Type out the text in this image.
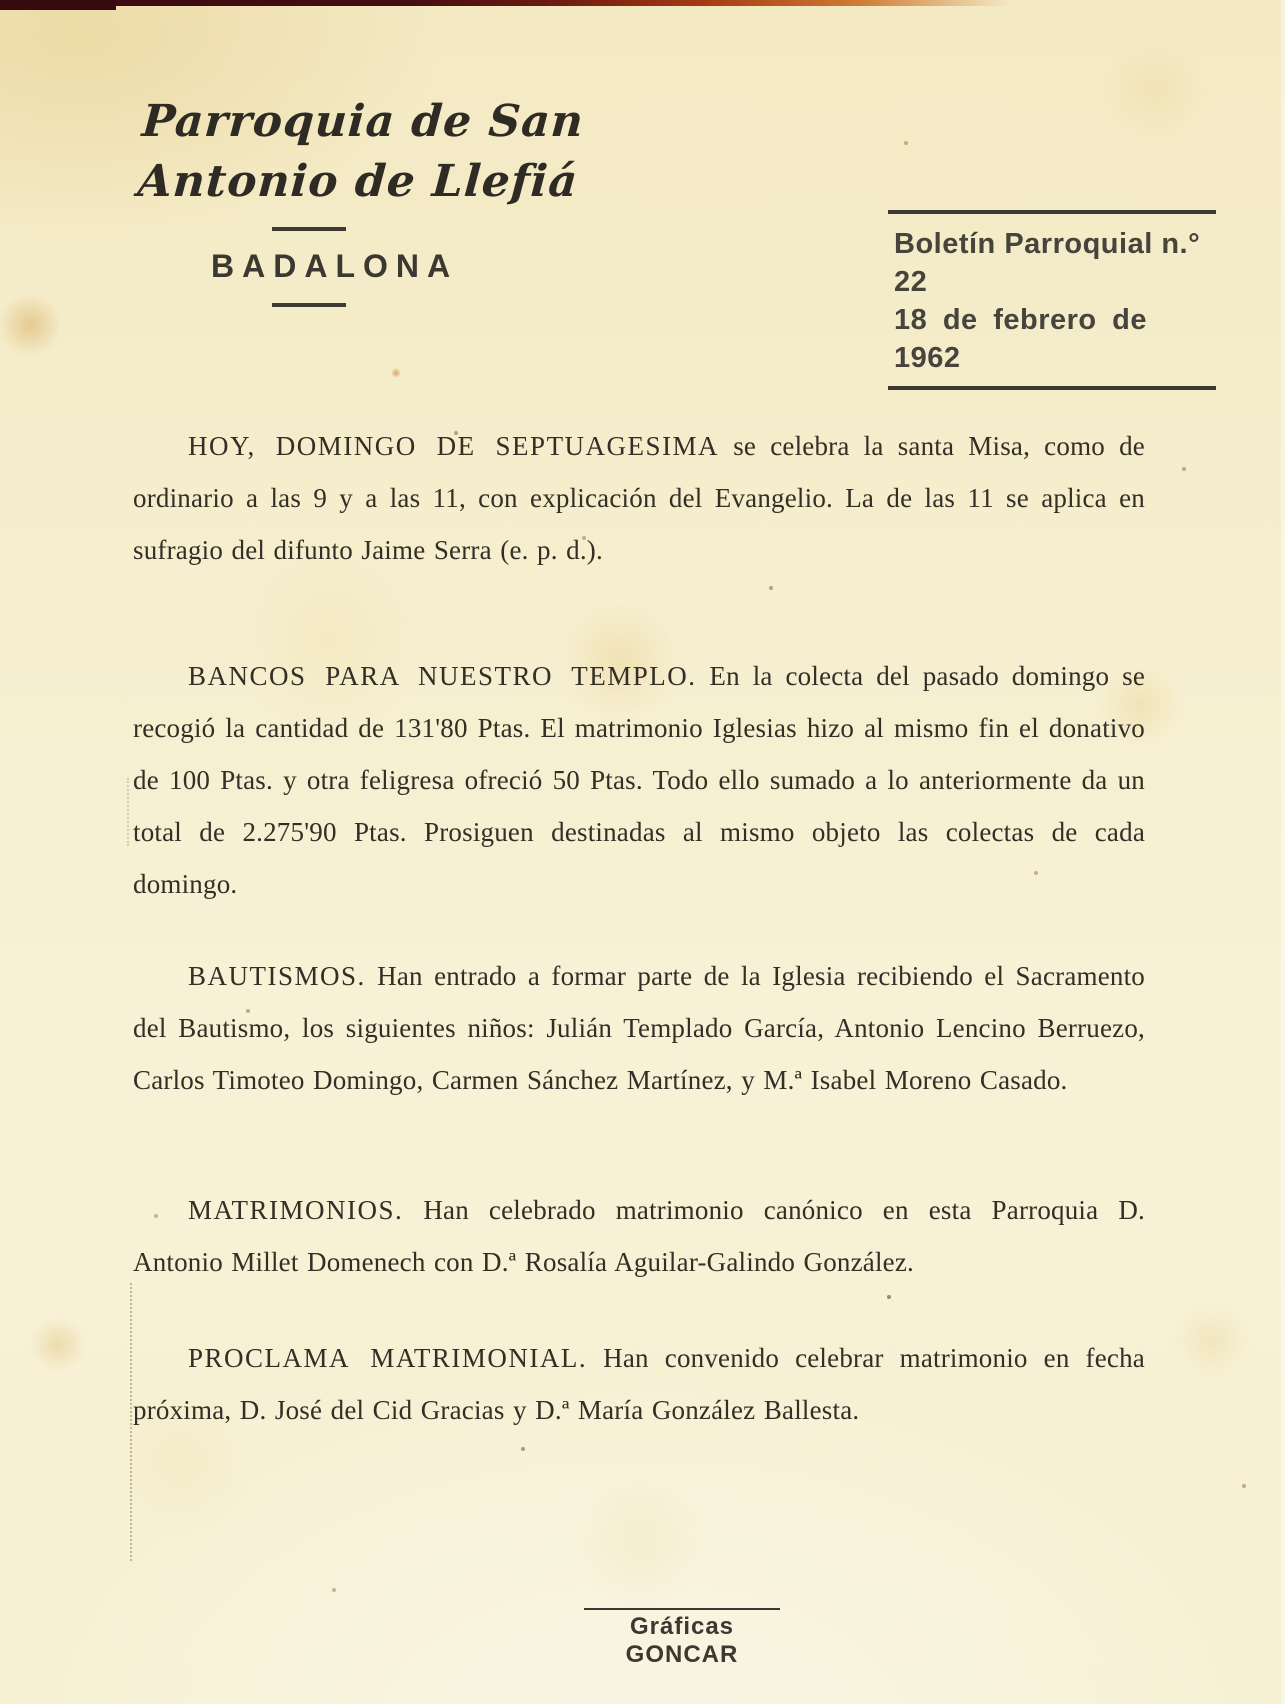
Parroquia de San
Antonio de Llefiá
BADALONA
Boletín Parroquial n.° 22
18 de febrero de 1962
HOY, DOMINGO DE SEPTUAGESIMA se celebra la santa Misa, como de ordinario a las 9 y a las 11, con explicación del Evangelio. La de las 11 se aplica en sufragio del difunto Jaime Serra (e. p. d.).
BANCOS PARA NUESTRO TEMPLO. En la colecta del pasado domingo se recogió la cantidad de 131'80 Ptas. El matrimonio Iglesias hizo al mismo fin el donativo de 100 Ptas. y otra feligresa ofreció 50 Ptas. Todo ello sumado a lo anteriormente da un total de 2.275'90 Ptas. Prosiguen destinadas al mismo objeto las colectas de cada domingo.
BAUTISMOS. Han entrado a formar parte de la Iglesia recibiendo el Sacramento del Bautismo, los siguientes niños: Julián Templado García, Antonio Lencino Berruezo, Carlos Timoteo Domingo, Carmen Sánchez Martínez, y M.ª Isabel Moreno Casado.
MATRIMONIOS. Han celebrado matrimonio canónico en esta Parroquia D. Antonio Millet Domenech con D.ª Rosalía Aguilar-Galindo González.
PROCLAMA MATRIMONIAL. Han convenido celebrar matrimonio en fecha próxima, D. José del Cid Gracias y D.ª María González Ballesta.
Gráficas GONCAR
